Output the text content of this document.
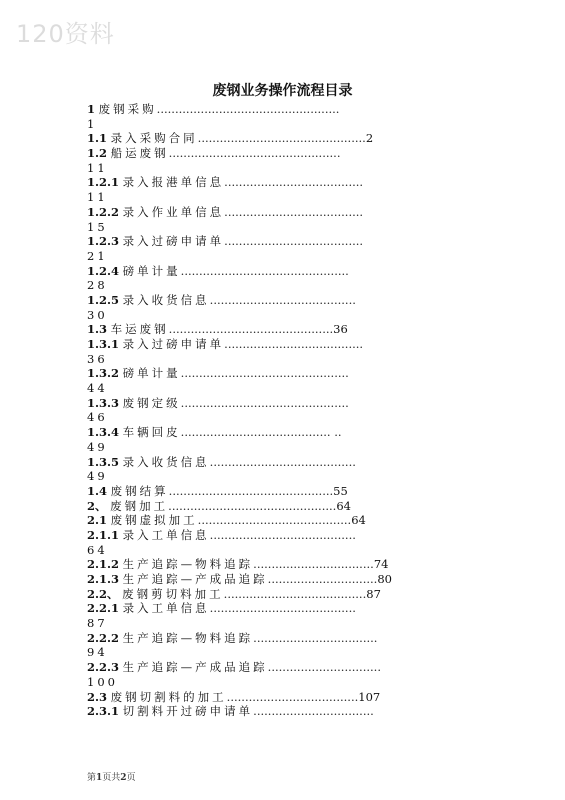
120资料
废钢业务操作流程目录
1 废钢采购..................................................
1
1.1 录入采购合同..............................................2
1.2 船运废钢...............................................
11
1.2.1 录入报港单信息......................................
11
1.2.2 录入作业单信息......................................
15
1.2.3 录入过磅申请单......................................
21
1.2.4 磅单计量..............................................
28
1.2.5 录入收货信息........................................
30
1.3 车运废钢.............................................36
1.3.1 录入过磅申请单......................................
36
1.3.2 磅单计量..............................................
44
1.3.3 废钢定级..............................................
46
1.3.4 车辆回皮......................................... ..
49
1.3.5 录入收货信息........................................
49
1.4 废钢结算.............................................55
2、 废钢加工..............................................64
2.1 废钢虚拟加工..........................................64
2.1.1 录入工单信息........................................
64
2.1.2 生产追踪—物料追踪.................................74
2.1.3 生产追踪—产成品追踪..............................80
2.2、 废钢剪切料加工.......................................87
2.2.1 录入工单信息........................................
87
2.2.2 生产追踪—物料追踪..................................
94
2.2.3 生产追踪—产成品追踪...............................
100
2.3 废钢切割料的加工....................................107
2.3.1 切割料开过磅申请单.................................
第1页共2页
